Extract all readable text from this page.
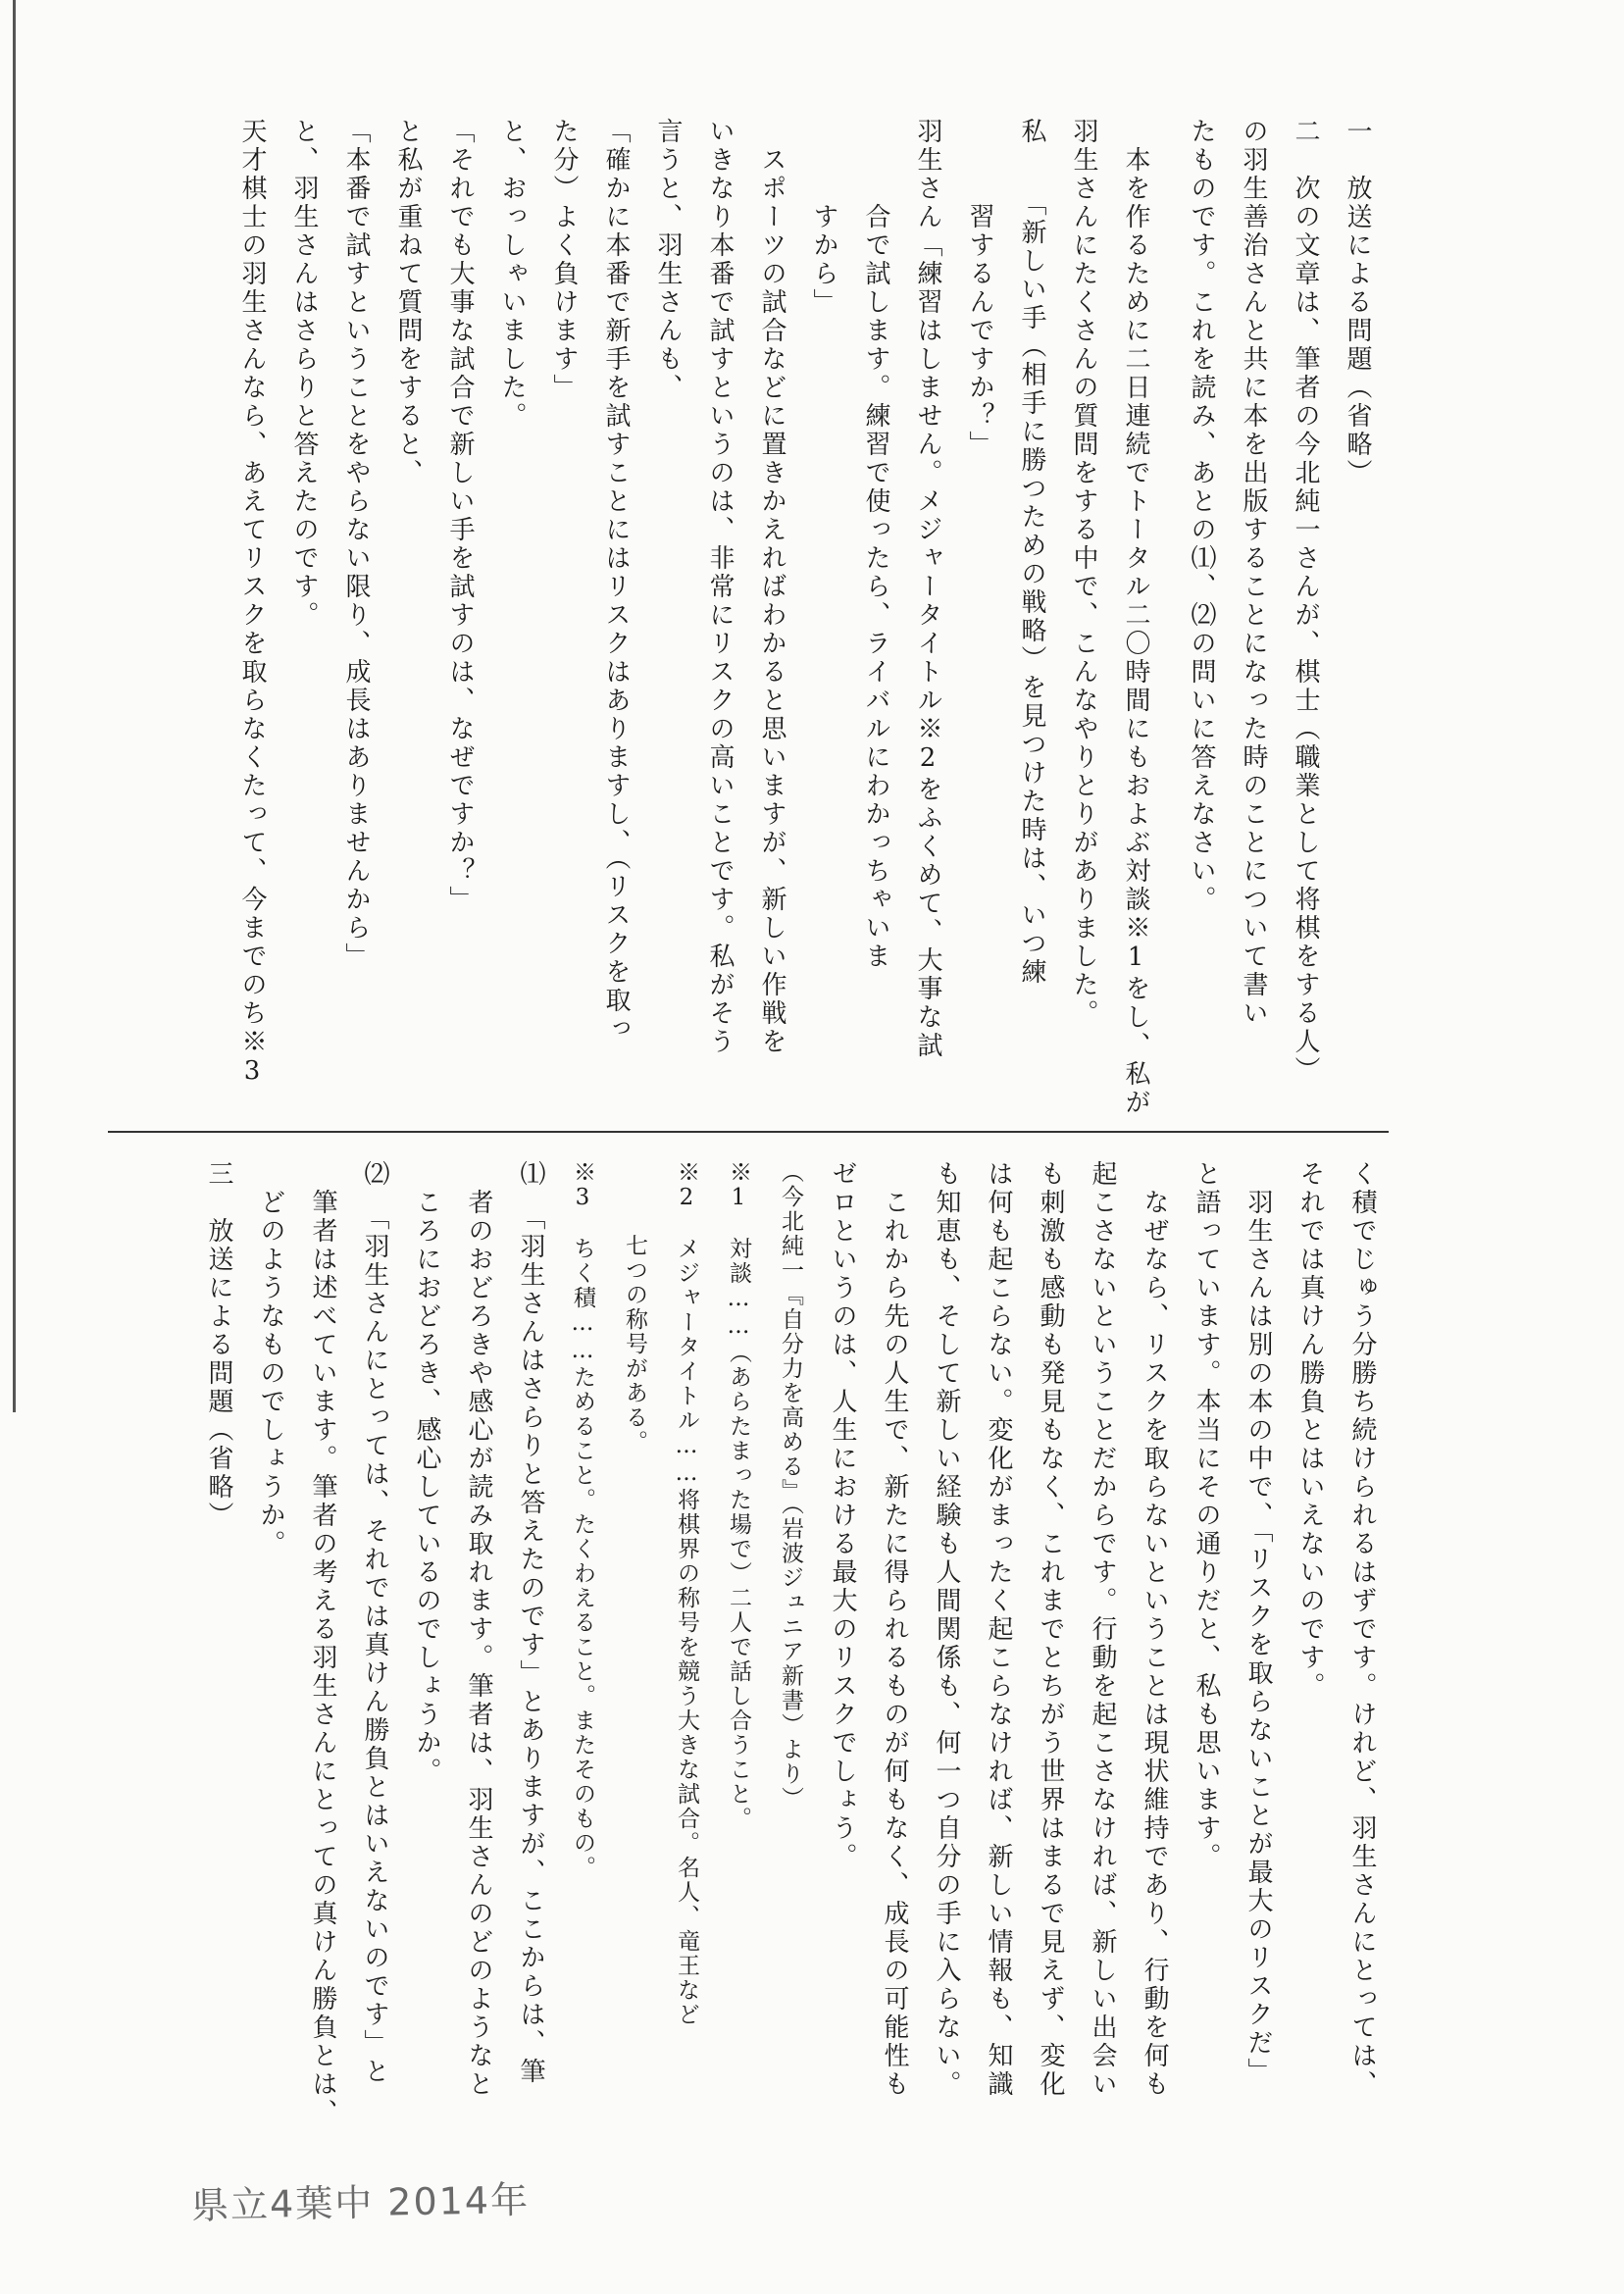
一　放送による問題（省略）
二　次の文章は、筆者の今北純一さんが、棋士（職業として将棋をする人）
の羽生善治さんと共に本を出版することになった時のことについて書い
たものです。これを読み、あとの⑴、⑵の問いに答えなさい。
　本を作るために二日連続でトータル二〇時間にもおよぶ対談※1をし、私が
羽生さんにたくさんの質問をする中で、こんなやりとりがありました。
私　　「新しい手（相手に勝つための戦略）を見つけた時は、いつ練
　　　習するんですか？」
羽生さん「練習はしません。メジャータイトル※2をふくめて、大事な試
　　　合で試します。練習で使ったら、ライバルにわかっちゃいま
　　　すから」
　スポーツの試合などに置きかえればわかると思いますが、新しい作戦を
いきなり本番で試すというのは、非常にリスクの高いことです。私がそう
言うと、羽生さんも、
「確かに本番で新手を試すことにはリスクはありますし、（リスクを取っ
た分）よく負けます」
と、おっしゃいました。
「それでも大事な試合で新しい手を試すのは、なぜですか？」
と私が重ねて質問をすると、
「本番で試すということをやらない限り、成長はありませんから」
と、羽生さんはさらりと答えたのです。
天才棋士の羽生さんなら、あえてリスクを取らなくたって、今までのち※3
く積でじゅう分勝ち続けられるはずです。けれど、羽生さんにとっては、
それでは真けん勝負とはいえないのです。
　羽生さんは別の本の中で、「リスクを取らないことが最大のリスクだ」
と語っています。本当にその通りだと、私も思います。
　なぜなら、リスクを取らないということは現状維持であり、行動を何も
起こさないということだからです。行動を起こさなければ、新しい出会い
も刺激も感動も発見もなく、これまでとちがう世界はまるで見えず、変化
は何も起こらない。変化がまったく起こらなければ、新しい情報も、知識
も知恵も、そして新しい経験も人間関係も、何一つ自分の手に入らない。
　これから先の人生で、新たに得られるものが何もなく、成長の可能性も
ゼロというのは、人生における最大のリスクでしょう。
（今北純一『自分力を高める』（岩波ジュニア新書）より）
※1　対談……（あらたまった場で）二人で話し合うこと。
※2　メジャータイトル……将棋界の称号を競う大きな試合。名人、竜王など
　　　七つの称号がある。
※3　ちく積……ためること。たくわえること。またそのもの。
⑴　「羽生さんはさらりと答えたのです」とありますが、ここからは、筆
　者のおどろきや感心が読み取れます。筆者は、羽生さんのどのようなと
　ころにおどろき、感心しているのでしょうか。
⑵　「羽生さんにとっては、それでは真けん勝負とはいえないのです」と
　筆者は述べています。筆者の考える羽生さんにとっての真けん勝負とは、
　どのようなものでしょうか。
三　放送による問題（省略）
県立4葉中 2014年
